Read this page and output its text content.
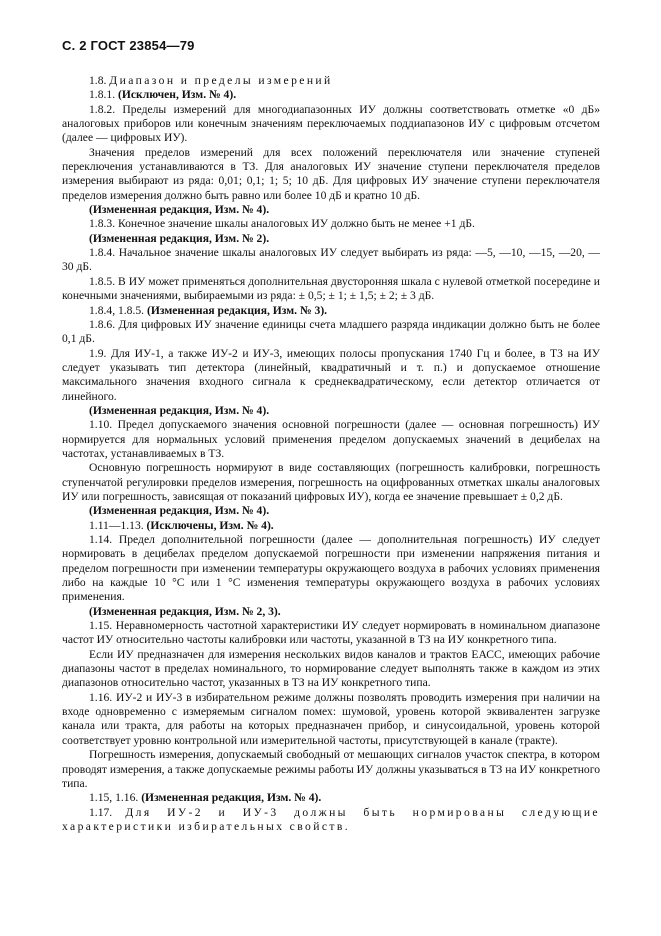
С. 2 ГОСТ 23854—79

1.8. Диапазон и пределы измерений

1.8.1. (Исключен, Изм. № 4).

1.8.2. Пределы измерений для многодиапазонных ИУ должны соответствовать отметке «0 дБ» аналоговых приборов или конечным значениям переключаемых поддиапазонов ИУ с цифровым отсчетом (далее — цифровых ИУ).

Значения пределов измерений для всех положений переключателя или значение ступеней переключения устанавливаются в ТЗ. Для аналоговых ИУ значение ступени переключателя пределов измерения выбирают из ряда: 0,01; 0,1; 1; 5; 10 дБ. Для цифровых ИУ значение ступени переключателя пределов измерения должно быть равно или более 10 дБ и кратно 10 дБ.

(Измененная редакция, Изм. № 4).

1.8.3. Конечное значение шкалы аналоговых ИУ должно быть не менее +1 дБ.

(Измененная редакция, Изм. № 2).

1.8.4. Начальное значение шкалы аналоговых ИУ следует выбирать из ряда: —5, —10, —15, —20, —30 дБ.

1.8.5. В ИУ может применяться дополнительная двусторонняя шкала с нулевой отметкой посередине и конечными значениями, выбираемыми из ряда: ± 0,5; ± 1; ± 1,5; ± 2; ± 3 дБ.

1.8.4, 1.8.5. (Измененная редакция, Изм. № 3).

1.8.6. Для цифровых ИУ значение единицы счета младшего разряда индикации должно быть не более 0,1 дБ.

1.9. Для ИУ-1, а также ИУ-2 и ИУ-3, имеющих полосы пропускания 1740 Гц и более, в ТЗ на ИУ следует указывать тип детектора (линейный, квадратичный и т. п.) и допускаемое отношение максимального значения входного сигнала к среднеквадратическому, если детектор отличается от линейного.

(Измененная редакция, Изм. № 4).

1.10. Предел допускаемого значения основной погрешности (далее — основная погрешность) ИУ нормируется для нормальных условий применения пределом допускаемых значений в децибелах на частотах, устанавливаемых в ТЗ.

Основную погрешность нормируют в виде составляющих (погрешность калибровки, погрешность ступенчатой регулировки пределов измерения, погрешность на оцифрованных отметках шкалы аналоговых ИУ или погрешность, зависящая от показаний цифровых ИУ), когда ее значение превышает ± 0,2 дБ.

(Измененная редакция, Изм. № 4).

1.11—1.13. (Исключены, Изм. № 4).

1.14. Предел дополнительной погрешности (далее — дополнительная погрешность) ИУ следует нормировать в децибелах пределом допускаемой погрешности при изменении напряжения питания и пределом погрешности при изменении температуры окружающего воздуха в рабочих условиях применения либо на каждые 10 °С или 1 °С изменения температуры окружающего воздуха в рабочих условиях применения.

(Измененная редакция, Изм. № 2, 3).

1.15. Неравномерность частотной характеристики ИУ следует нормировать в номинальном диапазоне частот ИУ относительно частоты калибровки или частоты, указанной в ТЗ на ИУ конкретного типа.

Если ИУ предназначен для измерения нескольких видов каналов и трактов ЕАСС, имеющих рабочие диапазоны частот в пределах номинального, то нормирование следует выполнять также в каждом из этих диапазонов относительно частот, указанных в ТЗ на ИУ конкретного типа.

1.16. ИУ-2 и ИУ-3 в избирательном режиме должны позволять проводить измерения при наличии на входе одновременно с измеряемым сигналом помех: шумовой, уровень которой эквивалентен загрузке канала или тракта, для работы на которых предназначен прибор, и синусоидальной, уровень которой соответствует уровню контрольной или измерительной частоты, присутствующей в канале (тракте).

Погрешность измерения, допускаемый свободный от мешающих сигналов участок спектра, в котором проводят измерения, а также допускаемые режимы работы ИУ должны указываться в ТЗ на ИУ конкретного типа.

1.15, 1.16. (Измененная редакция, Изм. № 4).

1.17. Для ИУ-2 и ИУ-3 должны быть нормированы следующие характеристики избирательных свойств.
